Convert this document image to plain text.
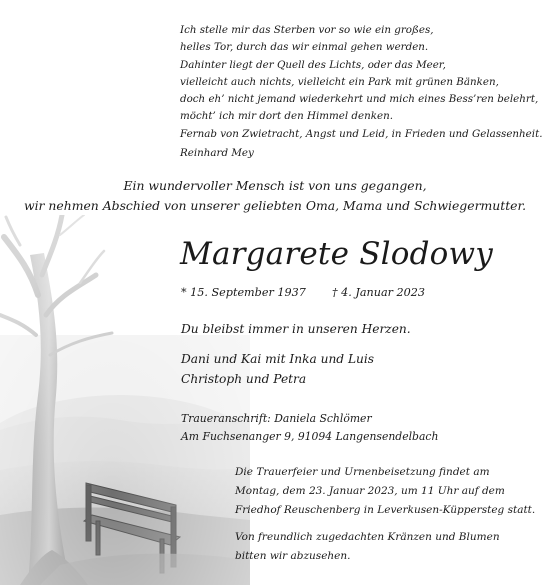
Ich stelle mir das Sterben vor so wie ein großes,
helles Tor, durch das wir einmal gehen werden.
Dahinter liegt der Quell des Lichts, oder das Meer,
vielleicht auch nichts, vielleicht ein Park mit grünen Bänken,
doch eh’ nicht jemand wiederkehrt und mich eines Bess’ren belehrt,
möcht’ ich mir dort den Himmel denken.
Fernab von Zwietracht, Angst und Leid, in Frieden und Gelassenheit.
Reinhard Mey
Ein wundervoller Mensch ist von uns gegangen,
wir nehmen Abschied von unserer geliebten Oma, Mama und Schwiegermutter.
Margarete Slodowy
* 15. September 1937 † 4. Januar 2023
Du bleibst immer in unseren Herzen.
Dani und Kai mit Inka und Luis
Christoph und Petra
Traueranschrift: Daniela Schlömer
Am Fuchsenanger 9, 91094 Langensendelbach
Die Trauerfeier und Urnenbeisetzung findet am
Montag, dem 23. Januar 2023, um 11 Uhr auf dem
Friedhof Reuschenberg in Leverkusen-Küppersteg statt.
Von freundlich zugedachten Kränzen und Blumen
bitten wir abzusehen.
